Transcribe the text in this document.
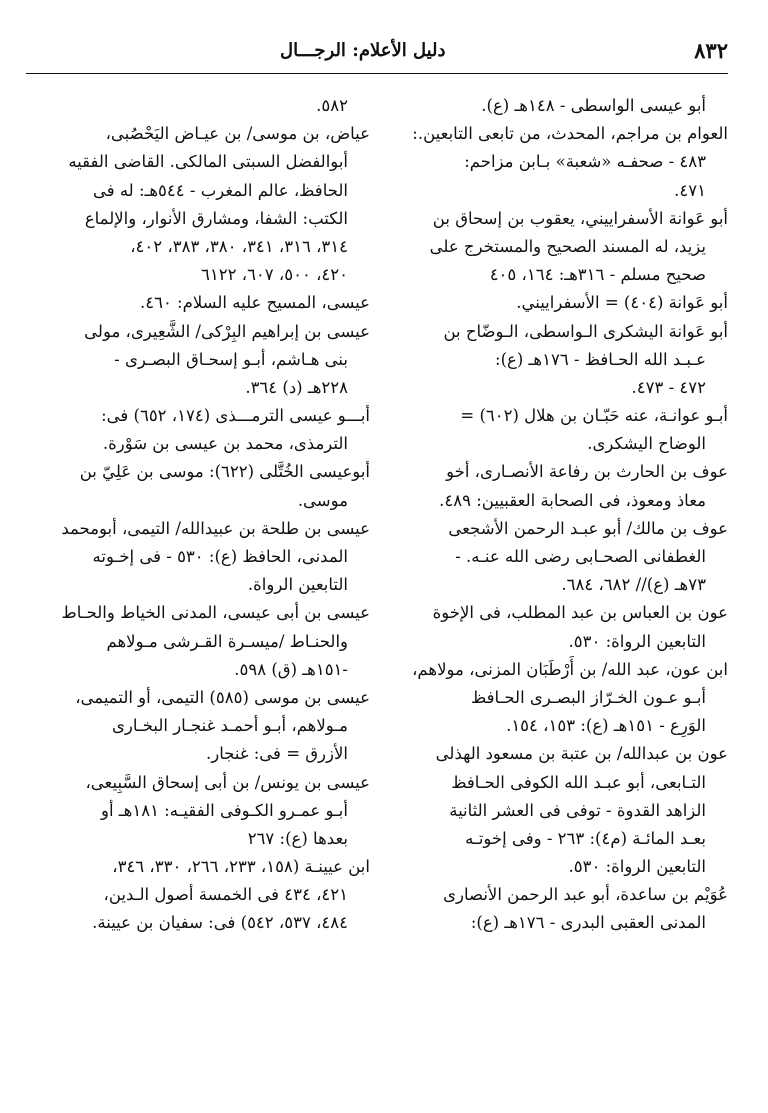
٨٣٢
دليل الأعلام: الرجـــال
أبو عيسى الواسطى - ١٤٨هـ (ع).
العوام بن مراجم، المحدث، من تابعى التابعين.:
٤٨٣ - صحفـه «شعبة» بـابن مزاحم:
٤٧١.
أبو عَوانة الأسفراييني، يعقوب بن إسحاق بن
يزيد، له المسند الصحيح والمستخرج على
صحيح مسلم - ٣١٦هـ: ١٦٤، ٤٠٥
أبو عَوانة (٤٠٤) = الأسفراييني.
أبو عَوانة اليشكرى الـواسطى، الـوضّاح بن
عـبـد الله الحـافظ - ١٧٦هـ (ع):
٤٧٢ - ٤٧٣.
أبـو عوانـة، عنه حَبّـان بن هلال (٦٠٢) =
الوضاح اليشكرى.
عوف بن الحارث بن رفاعة الأنصـارى، أخو
معاذ ومعوذ، فى الصحابة العقبيين: ٤٨٩.
عوف بن مالك/ أبو عبـد الرحمن الأشجعى
الغطفانى الصحـابى رضى الله عنـه. -
٧٣هـ (ع)// ٦٨٢، ٦٨٤.
عون بن العباس بن عبد المطلب، فى الإخوة
التابعين الرواة: ٥٣٠.
ابن عون، عبد الله/ بن أَرْطَبَان المزنى، مولاهم،
أبـو عـون الخـرّاز البصـرى الحـافظ
الوَرِع - ١٥١هـ (ع): ١٥٣، ١٥٤.
عون بن عبدالله/ بن عتبة بن مسعود الهذلى
التـابعى، أبو عبـد الله الكوفى الحـافظ
الزاهد القدوة - توفى فى العشر الثانية
بعـد المائـة (م٤): ٢٦٣ - وفى إخوتـه
التابعين الرواة: ٥٣٠.
عُوَيْم بن ساعدة، أبو عبد الرحمن الأنصارى
المدنى العقبى البدرى - ١٧٦هـ (ع):
٥٨٢.
عياض، بن موسى/ بن عيـاض اليَحْصُبى،
أبوالفضل السبتى المالكى. القاضى الفقيه
الحافظ، عالم المغرب - ٥٤٤هـ: له فى
الكتب: الشفا، ومشارق الأنوار، والإلماع
٣١٤، ٣١٦، ٣٤١، ٣٨٠، ٣٨٣، ٤٠٢،
٤٢٠، ٥٠٠، ٦٠٧، ٦١٢٢
عيسى، المسيح عليه السلام: ٤٦٠.
عيسى بن إبراهيم البِرْكى/ الشَّعِيرى، مولى
بنى هـاشم، أبـو إسحـاق البصـرى -
٢٢٨هـ (د) ٣٦٤.
أبـــو عيسى الترمـــذى (١٧٤، ٦٥٢) فى:
الترمذى، محمد بن عيسى بن سَوْرة.
أبوعيسى الخُتَّلى (٦٢٢): موسى بن عَلِيّ بن
موسى.
عيسى بن طلحة بن عبيدالله/ التيمى، أبومحمد
المدنى، الحافظ (ع): ٥٣٠ - فى إخـوته
التابعين الرواة.
عيسى بن أبى عيسى، المدنى الخياط والحـاط
والحنـاط /ميسـرة القـرشى مـولاهم
-١٥١هـ (ق) ٥٩٨.
عيسى بن موسى (٥٨٥) التيمى، أو التميمى،
مـولاهم، أبـو أحمـد غنجـار البخـارى
الأزرق = فى: غنجار.
عيسى بن يونس/ بن أبى إسحاق السَّبِيعى،
أبـو عمـرو الكـوفى الفقيـه: ١٨١هـ أو
بعدها (ع): ٢٦٧
ابن عيينـة (١٥٨، ٢٣٣، ٢٦٦، ٣٣٠، ٣٤٦،
٤٢١، ٤٣٤ فى الخمسة أصول الـدين،
٤٨٤، ٥٣٧، ٥٤٢) فى: سفيان بن عيينة.
